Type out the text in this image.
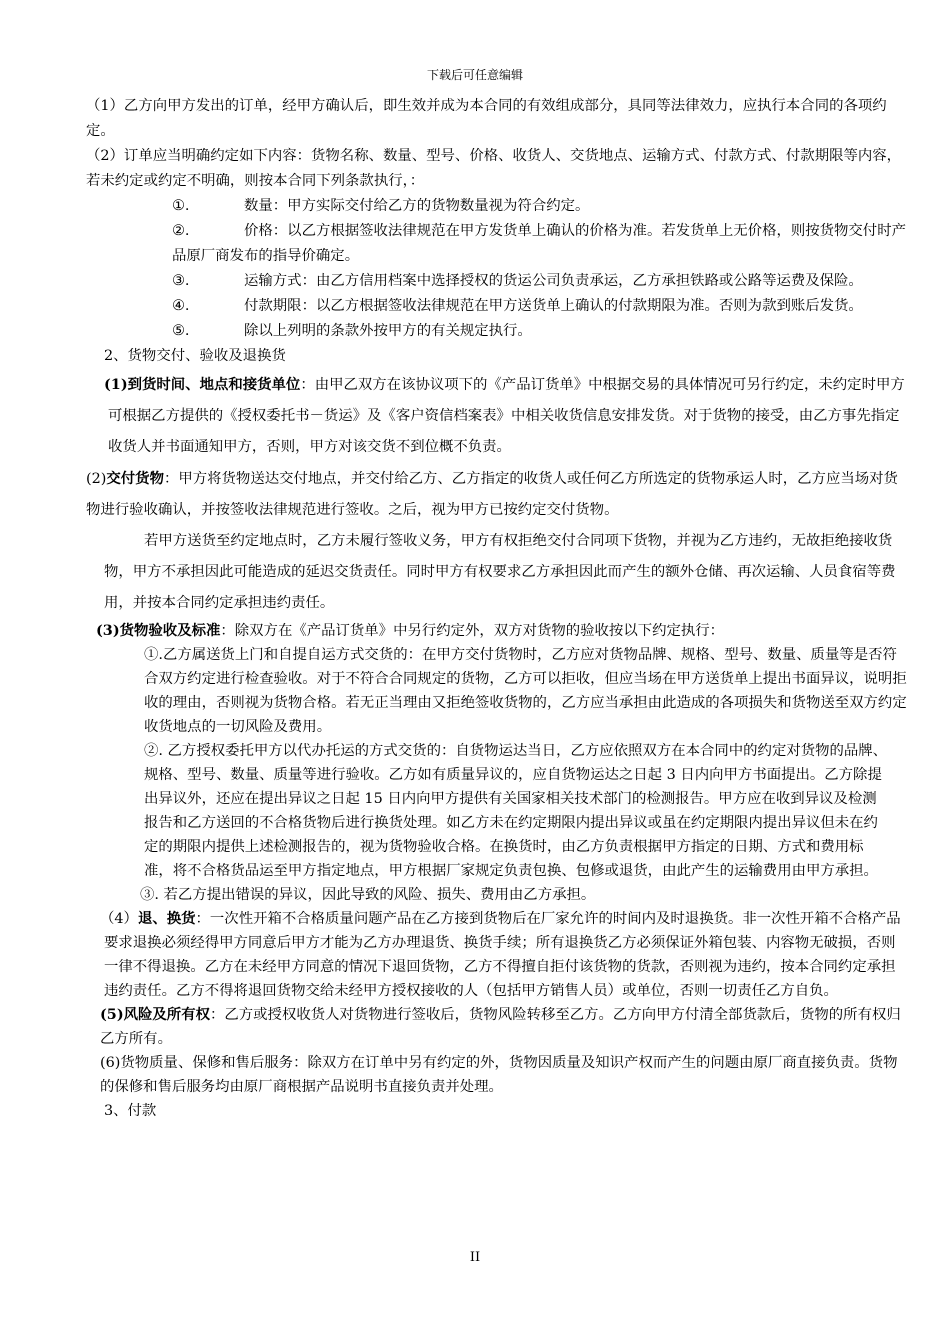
下载后可任意编辑

（1）乙方向甲方发出的订单，经甲方确认后，即生效并成为本合同的有效组成部分，具同等法律效力，应执行本合同的各项约定。

（2）订单应当明确约定如下内容：货物名称、数量、型号、价格、收货人、交货地点、运输方式、付款方式、付款期限等内容，若未约定或约定不明确，则按本合同下列条款执行，：

①.	数量：甲方实际交付给乙方的货物数量视为符合约定。

②.	价格：以乙方根据签收法律规范在甲方发货单上确认的价格为准。若发货单上无价格，则按货物交付时产品原厂商发布的指导价确定。

③.	运输方式：由乙方信用档案中选择授权的货运公司负责承运，乙方承担铁路或公路等运费及保险。

④.	付款期限：以乙方根据签收法律规范在甲方送货单上确认的付款期限为准。否则为款到账后发货。

⑤.	除以上列明的条款外按甲方的有关规定执行。

2、货物交付、验收及退换货

(1)到货时间、地点和接货单位：由甲乙双方在该协议项下的《产品订货单》中根据交易的具体情况可另行约定，未约定时甲方可根据乙方提供的《授权委托书－货运》及《客户资信档案表》中相关收货信息安排发货。对于货物的接受，由乙方事先指定收货人并书面通知甲方，否则，甲方对该交货不到位概不负责。

(2)交付货物：甲方将货物送达交付地点，并交付给乙方、乙方指定的收货人或任何乙方所选定的货物承运人时，乙方应当场对货物进行验收确认，并按签收法律规范进行签收。之后，视为甲方已按约定交付货物。

若甲方送货至约定地点时，乙方未履行签收义务，甲方有权拒绝交付合同项下货物，并视为乙方违约，无故拒绝接收货物，甲方不承担因此可能造成的延迟交货责任。同时甲方有权要求乙方承担因此而产生的额外仓储、再次运输、人员食宿等费用，并按本合同约定承担违约责任。

(3)货物验收及标准：除双方在《产品订货单》中另行约定外，双方对货物的验收按以下约定执行：

①.乙方属送货上门和自提自运方式交货的：在甲方交付货物时，乙方应对货物品牌、规格、型号、数量、质量等是否符合双方约定进行检查验收。对于不符合合同规定的货物，乙方可以拒收，但应当场在甲方送货单上提出书面异议，说明拒收的理由，否则视为货物合格。若无正当理由又拒绝签收货物的，乙方应当承担由此造成的各项损失和货物送至双方约定收货地点的一切风险及费用。

②. 乙方授权委托甲方以代办托运的方式交货的：自货物运达当日，乙方应依照双方在本合同中的约定对货物的品牌、规格、型号、数量、质量等进行验收。乙方如有质量异议的，应自货物运达之日起 3 日内向甲方书面提出。乙方除提出异议外，还应在提出异议之日起 15 日内向甲方提供有关国家相关技术部门的检测报告。甲方应在收到异议及检测报告和乙方送回的不合格货物后进行换货处理。如乙方未在约定期限内提出异议或虽在约定期限内提出异议但未在约定的期限内提供上述检测报告的，视为货物验收合格。在换货时，由乙方负责根据甲方指定的日期、方式和费用标准，将不合格货品运至甲方指定地点，甲方根据厂家规定负责包换、包修或退货，由此产生的运输费用由甲方承担。

③. 若乙方提出错误的异议，因此导致的风险、损失、费用由乙方承担。

（4）退、换货：一次性开箱不合格质量问题产品在乙方接到货物后在厂家允许的时间内及时退换货。非一次性开箱不合格产品要求退换必须经得甲方同意后甲方才能为乙方办理退货、换货手续；所有退换货乙方必须保证外箱包装、内容物无破损，否则一律不得退换。乙方在未经甲方同意的情况下退回货物，乙方不得擅自拒付该货物的货款，否则视为违约，按本合同约定承担违约责任。乙方不得将退回货物交给未经甲方授权接收的人（包括甲方销售人员）或单位，否则一切责任乙方自负。

(5)风险及所有权：乙方或授权收货人对货物进行签收后，货物风险转移至乙方。乙方向甲方付清全部货款后，货物的所有权归乙方所有。

(6)货物质量、保修和售后服务：除双方在订单中另有约定的外，货物因质量及知识产权而产生的问题由原厂商直接负责。货物的保修和售后服务均由原厂商根据产品说明书直接负责并处理。

3、付款

II
